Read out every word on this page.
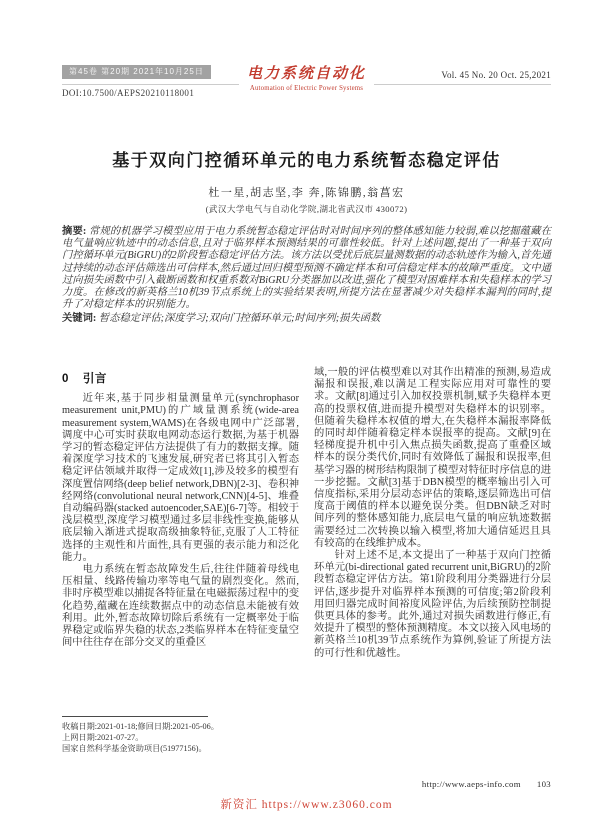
第45卷 第20期 2021年10月25日
DOI:10.7500/AEPS20210118001
电力系统自动化
Automation of Electric Power Systems
Vol. 45 No. 20 Oct. 25,2021
基于双向门控循环单元的电力系统暂态稳定评估
杜一星,胡志坚,李 奔,陈锦鹏,翁菖宏
(武汉大学电气与自动化学院,湖北省武汉市 430072)
摘要: 常规的机器学习模型应用于电力系统暂态稳定评估时对时间序列的整体感知能力较弱,难以挖掘蕴藏在电气量响应轨迹中的动态信息,且对于临界样本预测结果的可靠性较低。针对上述问题,提出了一种基于双向门控循环单元(BiGRU)的2阶段暂态稳定评估方法。该方法以受扰后底层量测数据的动态轨迹作为输入,首先通过持续的动态评估筛选出可信样本,然后通过回归模型预测不确定样本和可信稳定样本的故障严重度。文中通过向损失函数中引入截断函数和权重系数对BiGRU分类器加以改进,强化了模型对困难样本和失稳样本的学习力度。在修改的新英格兰10机39节点系统上的实验结果表明,所提方法在显著减少对失稳样本漏判的同时,提升了对稳定样本的识别能力。
关键词: 暂态稳定评估;深度学习;双向门控循环单元;时间序列;损失函数
0 引言

近年来,基于同步相量测量单元(synchrophasor measurement unit,PMU)的广域量测系统(wide-area measurement system,WAMS)在各级电网中广泛部署,调度中心可实时获取电网动态运行数据,为基于机器学习的暂态稳定评估方法提供了有力的数据支撑。随着深度学习技术的飞速发展,研究者已将其引入暂态稳定评估领域并取得一定成效[1],涉及较多的模型有深度置信网络(deep belief network,DBN)[2-3]、卷积神经网络(convolutional neural network,CNN)[4-5]、堆叠自动编码器(stacked autoencoder,SAE)[6-7]等。相较于浅层模型,深度学习模型通过多层非线性变换,能够从底层输入渐进式提取高级抽象特征,克服了人工特征选择的主观性和片面性,具有更强的表示能力和泛化能力。

电力系统在暂态故障发生后,往往伴随着母线电压相量、线路传输功率等电气量的剧烈变化。然而,非时序模型难以捕捉各特征量在电磁振荡过程中的变化趋势,蕴藏在连续数据点中的动态信息未能被有效利用。此外,暂态故障切除后系统有一定概率处于临界稳定或临界失稳的状态,2类临界样本在特征变量空间中往往存在部分交叉的重叠区

域,一般的评估模型难以对其作出精准的预测,易造成漏报和误报,难以满足工程实际应用对可靠性的要求。文献[8]通过引入加权投票机制,赋予失稳样本更高的投票权值,进而提升模型对失稳样本的识别率。但随着失稳样本权值的增大,在失稳样本漏报率降低的同时却伴随着稳定样本误报率的提高。文献[9]在轻梯度提升机中引入焦点损失函数,提高了重叠区域样本的误分类代价,同时有效降低了漏报和误报率,但基学习器的树形结构限制了模型对特征时序信息的进一步挖掘。文献[3]基于DBN模型的概率输出引入可信度指标,采用分层动态评估的策略,逐层筛选出可信度高于阈值的样本以避免误分类。但DBN缺乏对时间序列的整体感知能力,底层电气量的响应轨迹数据需要经过二次转换以输入模型,将加大通信延迟且具有较高的在线维护成本。

针对上述不足,本文提出了一种基于双向门控循环单元(bi-directional gated recurrent unit,BiGRU)的2阶段暂态稳定评估方法。第1阶段利用分类器进行分层评估,逐步提升对临界样本预测的可信度;第2阶段利用回归器完成时间裕度风险评估,为后续预防控制提供更具体的参考。此外,通过对损失函数进行修正,有效提升了模型的整体预测精度。本文以接入风电场的新英格兰10机39节点系统作为算例,验证了所提方法的可行性和优越性。

收稿日期:2021-01-18;修回日期:2021-05-06。
上网日期:2021-07-27。
国家自然科学基金资助项目(51977156)。
http://www.aeps-info.com 103
新资汇 https://www.z3060.com
